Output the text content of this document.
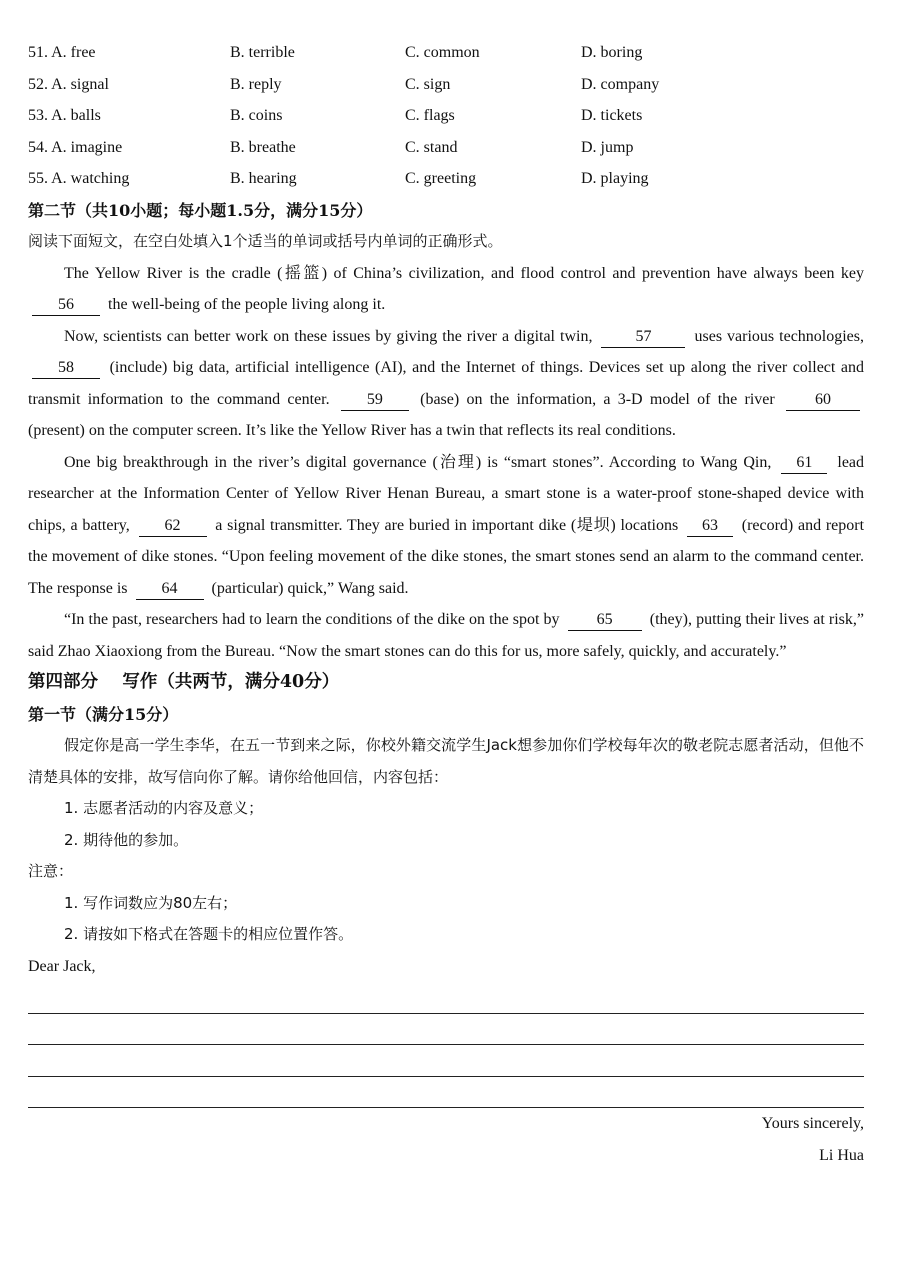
51. A. free	B. terrible	C. common	D. boring
52. A. signal	B. reply	C. sign	D. company
53. A. balls	B. coins	C. flags	D. tickets
54. A. imagine	B. breathe	C. stand	D. jump
55. A. watching	B. hearing	C. greeting	D. playing
第二节（共10小题；每小题1.5分，满分15分）
阅读下面短文，在空白处填入1个适当的单词或括号内单词的正确形式。

The Yellow River is the cradle (摇篮) of China’s civilization, and flood control and prevention have always been key 56 the well-being of the people living along it.

Now, scientists can better work on these issues by giving the river a digital twin,	57	uses various technologies, 58 (include) big data, artificial intelligence (AI), and the Internet of things. Devices set up along the river collect and transmit information to the command center. 59 (base) on the information, a 3-D model of the river	60 (present) on the computer screen. It’s like the Yellow River has a twin that reflects its real conditions.

One big breakthrough in the river’s digital governance (治理) is “smart stones”. According to Wang Qin, 61 lead researcher at the Information Center of Yellow River Henan Bureau, a smart stone is a water-proof stone-shaped device with chips, a battery, 62 a signal transmitter. They are buried in important dike (堤坝) locations 63 (record) and report the movement of dike stones. “Upon feeling movement of the dike stones, the smart stones send an alarm to the command center. The response is 64 (particular) quick,” Wang said.

“In the past, researchers had to learn the conditions of the dike on the spot by 65 (they), putting their lives at risk,” said Zhao Xiaoxiong from the Bureau. “Now the smart stones can do this for us, more safely, quickly, and accurately.”

第四部分    写作（共两节，满分40分）
第一节（满分15分）

假定你是高一学生李华，在五一节到来之际，你校外籍交流学生Jack想参加你们学校每年次的敬老院志愿者活动，但他不清楚具体的安排，故写信向你了解。请你给他回信，内容包括：

1. 志愿者活动的内容及意义；
2. 期待他的参加。
注意：
1. 写作词数应为80左右；
2. 请按如下格式在答题卡的相应位置作答。
Dear Jack,
Yours sincerely,
Li Hua
